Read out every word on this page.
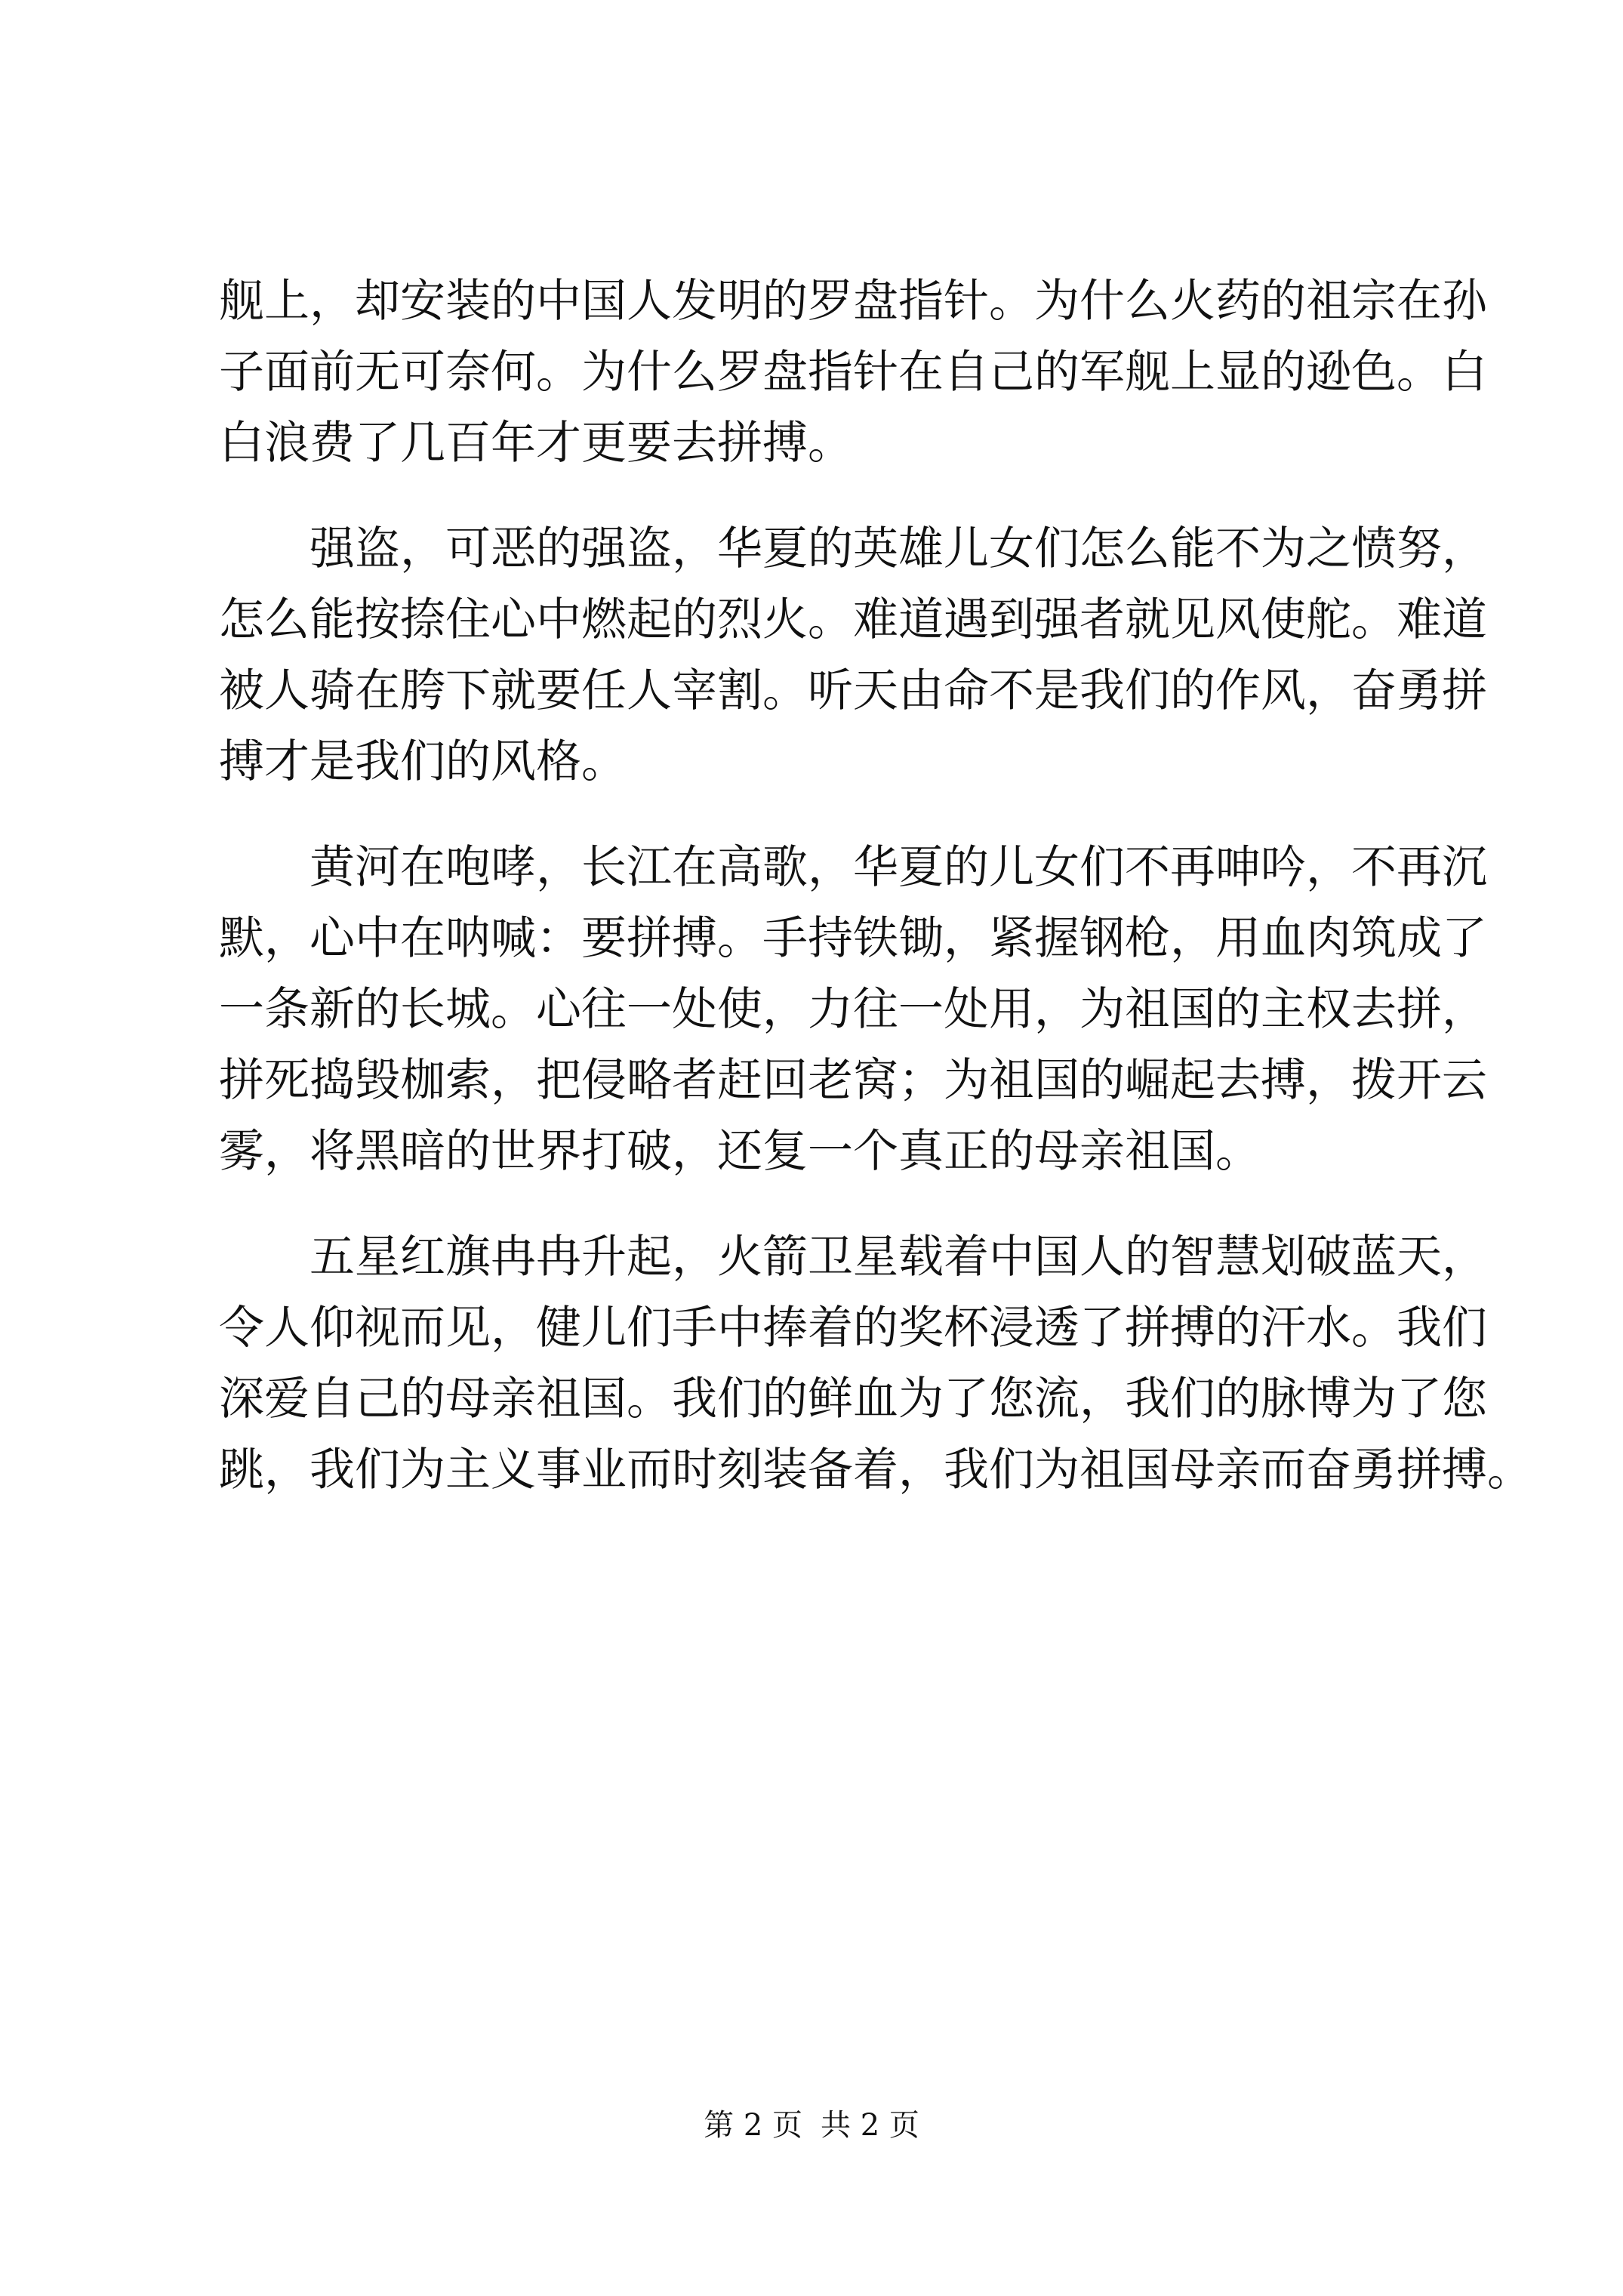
舰上，却安装的中国人发明的罗盘指针。为什么火药的祖宗在孙
子面前无可奈何。为什么罗盘指针在自己的军舰上显的逊色。白
白浪费了几百年才更要去拼搏。
强盗，可恶的强盗，华夏的英雄儿女们怎么能不为之愤努，
怎么能按捺住心中燃起的烈火。难道遇到强者就见风使舵。难道
被人骑在胯下就要任人宰割。听天由命不是我们的作风，奋勇拼
搏才是我们的风格。
黄河在咆哮，长江在高歌，华夏的儿女们不再呻吟，不再沉
默，心中在呐喊：要拼搏。手持铁锄，紧握钢枪，用血肉筑成了
一条新的长城。心往一处使，力往一处用，为祖国的主权去拼，
拼死捣毁枷索，把侵略者赶回老窝；为祖国的崛起去搏，拨开云
雾，将黑暗的世界打破，还复一个真正的母亲祖国。
五星红旗冉冉升起，火箭卫星载着中国人的智慧划破蓝天，
令人仰视而见，健儿们手中捧着的奖杯浸透了拼搏的汗水。我们
深爱自己的母亲祖国。我们的鲜血为了您流，我们的脉博为了您
跳，我们为主义事业而时刻装备着，我们为祖国母亲而奋勇拼搏。
第 2 页 共 2 页
